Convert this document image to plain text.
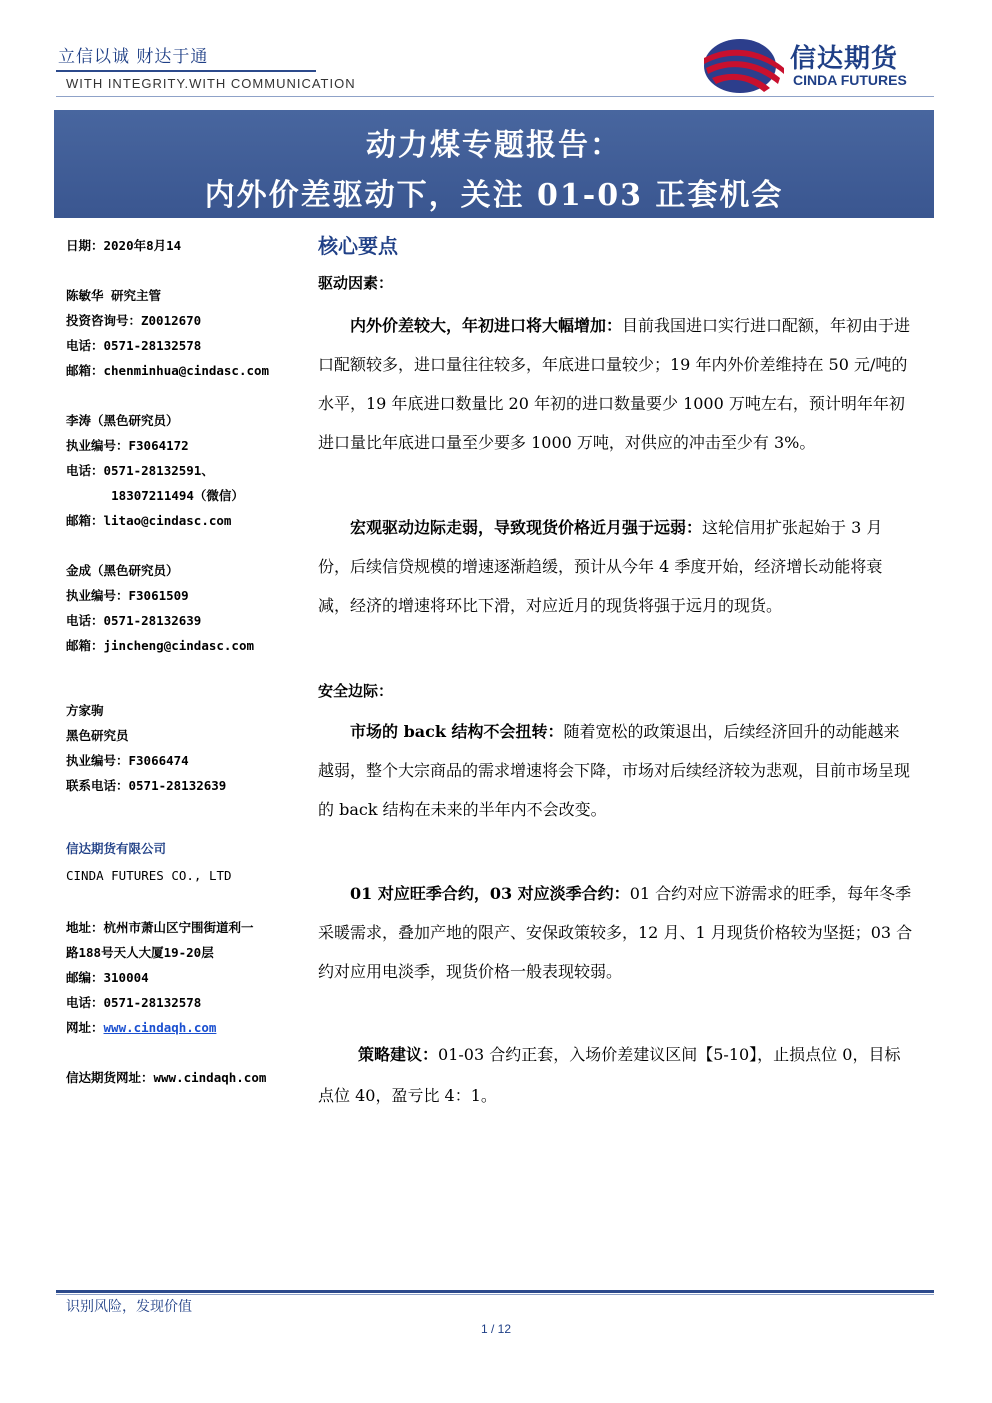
立信以诚 财达于通
WITH INTEGRITY.WITH COMMUNICATION
信达期货
CINDA FUTURES
动力煤专题报告：
内外价差驱动下，关注 01-03 正套机会
日期：2020年8月14
陈敏华 研究主管
投资咨询号：Z0012670
电话：0571-28132578
邮箱：chenminhua@cindasc.com
李涛（黑色研究员）
执业编号：F3064172
电话：0571-28132591、
18307211494（微信）
邮箱：litao@cindasc.com
金成（黑色研究员）
执业编号：F3061509
电话：0571-28132639
邮箱：jincheng@cindasc.com
方家驹
黑色研究员
执业编号：F3066474
联系电话：0571-28132639
信达期货有限公司
CINDA FUTURES CO., LTD
地址：杭州市萧山区宁围街道利一
路188号天人大厦19-20层
邮编：310004
电话：0571-28132578
网址：www.cindaqh.com
信达期货网址：www.cindaqh.com
核心要点
驱动因素：
内外价差较大，年初进口将大幅增加：目前我国进口实行进口配额，年初由于进口配额较多，进口量往往较多，年底进口量较少；19 年内外价差维持在 50 元/吨的水平，19 年底进口数量比 20 年初的进口数量要少 1000 万吨左右，预计明年年初进口量比年底进口量至少要多 1000 万吨，对供应的冲击至少有 3%。
宏观驱动边际走弱，导致现货价格近月强于远弱：这轮信用扩张起始于 3 月份，后续信贷规模的增速逐渐趋缓，预计从今年 4 季度开始，经济增长动能将衰减，经济的增速将环比下滑，对应近月的现货将强于远月的现货。
安全边际：
市场的 back 结构不会扭转：随着宽松的政策退出，后续经济回升的动能越来越弱，整个大宗商品的需求增速将会下降，市场对后续经济较为悲观，目前市场呈现的 back 结构在未来的半年内不会改变。
01 对应旺季合约，03 对应淡季合约：01 合约对应下游需求的旺季，每年冬季采暖需求，叠加产地的限产、安保政策较多，12 月、1 月现货价格较为坚挺；03 合约对应用电淡季，现货价格一般表现较弱。
策略建议：01-03 合约正套，入场价差建议区间【5-10】，止损点位 0，目标点位 40，盈亏比 4：1。
识别风险，发现价值
1 / 12
